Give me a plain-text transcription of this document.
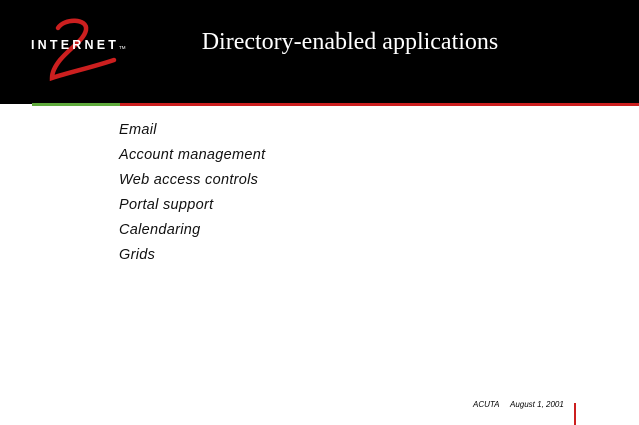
INTERNET TM	Directory-enabled applications
Email
Account management
Web access controls
Portal support
Calendaring
Grids
ACUTA August 1, 2001
